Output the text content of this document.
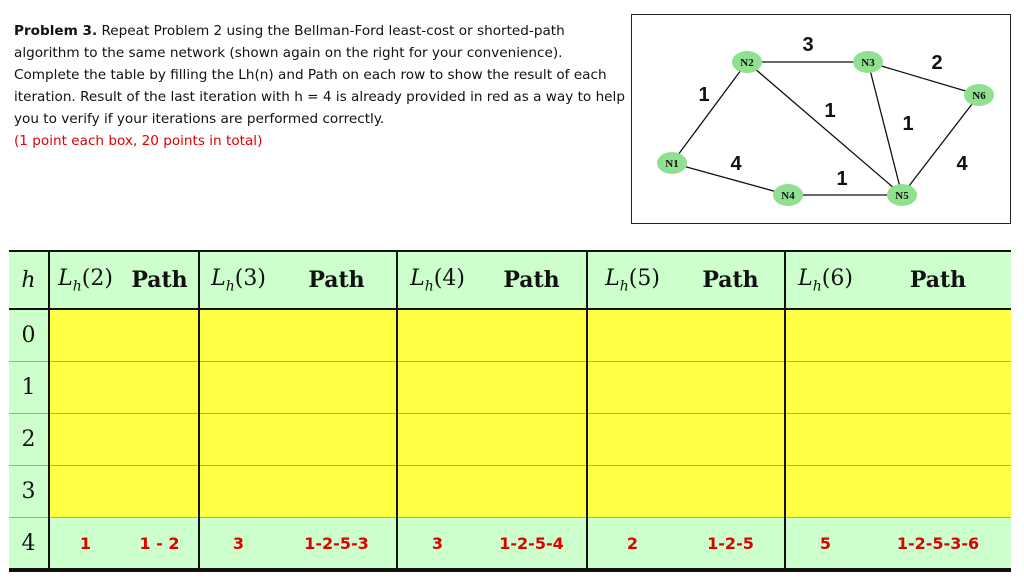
Problem 3. Repeat Problem 2 using the Bellman-Ford least-cost or shorted-path algorithm to the same network (shown again on the right for your convenience). Complete the table by filling the Lh(n) and Path on each row to show the result of each iteration. Result of the last iteration with h = 4 is already provided in red as a way to help you to verify if your iterations are performed correctly.

(1 point each box, 20 points in total)

1
4
3
1
1
2
1
4
N1
N2	N3
N4	N5
N6
h	$L_h(2)$	Path	$L_h(3)$	Path	$L_h(4)$	Path	$L_h(5)$	Path	$L_h(6)$	Path
0										
1										
2										
3										
4	1	1 - 2	3	1-2-5-3	3	1-2-5-4	2	1-2-5	5	1-2-5-3-6
